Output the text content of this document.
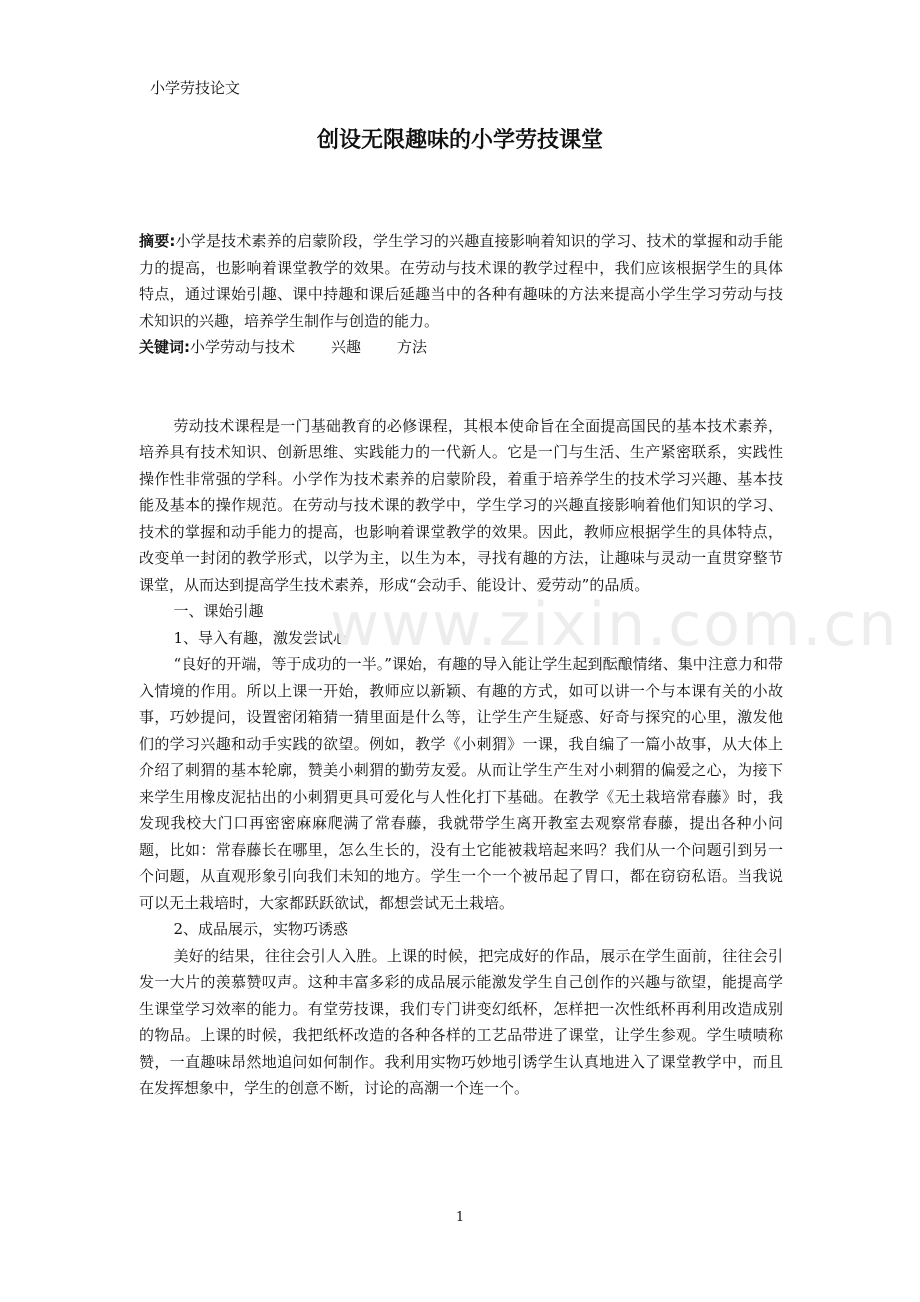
小学劳技论文
创设无限趣味的小学劳技课堂

摘要:小学是技术素养的启蒙阶段，学生学习的兴趣直接影响着知识的学习、技术的掌握和动手能力的提高，也影响着课堂教学的效果。在劳动与技术课的教学过程中，我们应该根据学生的具体特点，通过课始引趣、课中持趣和课后延趣当中的各种有趣味的方法来提高小学生学习劳动与技术知识的兴趣，培养学生制作与创造的能力。

关键词:小学劳动与技术 兴趣 方法

劳动技术课程是一门基础教育的必修课程，其根本使命旨在全面提高国民的基本技术素养，培养具有技术知识、创新思维、实践能力的一代新人。它是一门与生活、生产紧密联系，实践性操作性非常强的学科。小学作为技术素养的启蒙阶段，着重于培养学生的技术学习兴趣、基本技能及基本的操作规范。在劳动与技术课的教学中，学生学习的兴趣直接影响着他们知识的学习、技术的掌握和动手能力的提高，也影响着课堂教学的效果。因此，教师应根据学生的具体特点，改变单一封闭的教学形式，以学为主，以生为本，寻找有趣的方法，让趣味与灵动一直贯穿整节课堂，从而达到提高学生技术素养，形成“会动手、能设计、爱劳动”的品质。

一、课始引趣

1、导入有趣，激发尝试心

“良好的开端，等于成功的一半。”课始，有趣的导入能让学生起到酝酿情绪、集中注意力和带入情境的作用。所以上课一开始，教师应以新颖、有趣的方式，如可以讲一个与本课有关的小故事，巧妙提问，设置密闭箱猜一猜里面是什么等，让学生产生疑惑、好奇与探究的心里，激发他们的学习兴趣和动手实践的欲望。例如，教学《小刺猬》一课，我自编了一篇小故事，从大体上介绍了刺猬的基本轮廓，赞美小刺猬的勤劳友爱。从而让学生产生对小刺猬的偏爱之心，为接下来学生用橡皮泥拈出的小刺猬更具可爱化与人性化打下基础。在教学《无土栽培常春藤》时，我发现我校大门口再密密麻麻爬满了常春藤，我就带学生离开教室去观察常春藤，提出各种小问题，比如：常春藤长在哪里，怎么生长的，没有土它能被栽培起来吗？我们从一个问题引到另一个问题，从直观形象引向我们未知的地方。学生一个一个被吊起了胃口，都在窃窃私语。当我说可以无土栽培时，大家都跃跃欲试，都想尝试无土栽培。

2、成品展示，实物巧诱惑

美好的结果，往往会引人入胜。上课的时候，把完成好的作品，展示在学生面前，往往会引发一大片的羡慕赞叹声。这种丰富多彩的成品展示能激发学生自己创作的兴趣与欲望，能提高学生课堂学习效率的能力。有堂劳技课，我们专门讲变幻纸杯，怎样把一次性纸杯再利用改造成别的物品。上课的时候，我把纸杯改造的各种各样的工艺品带进了课堂，让学生参观。学生啧啧称赞，一直趣味昂然地追问如何制作。我利用实物巧妙地引诱学生认真地进入了课堂教学中，而且在发挥想象中，学生的创意不断，讨论的高潮一个连一个。

www.zixin.com.cn
1
